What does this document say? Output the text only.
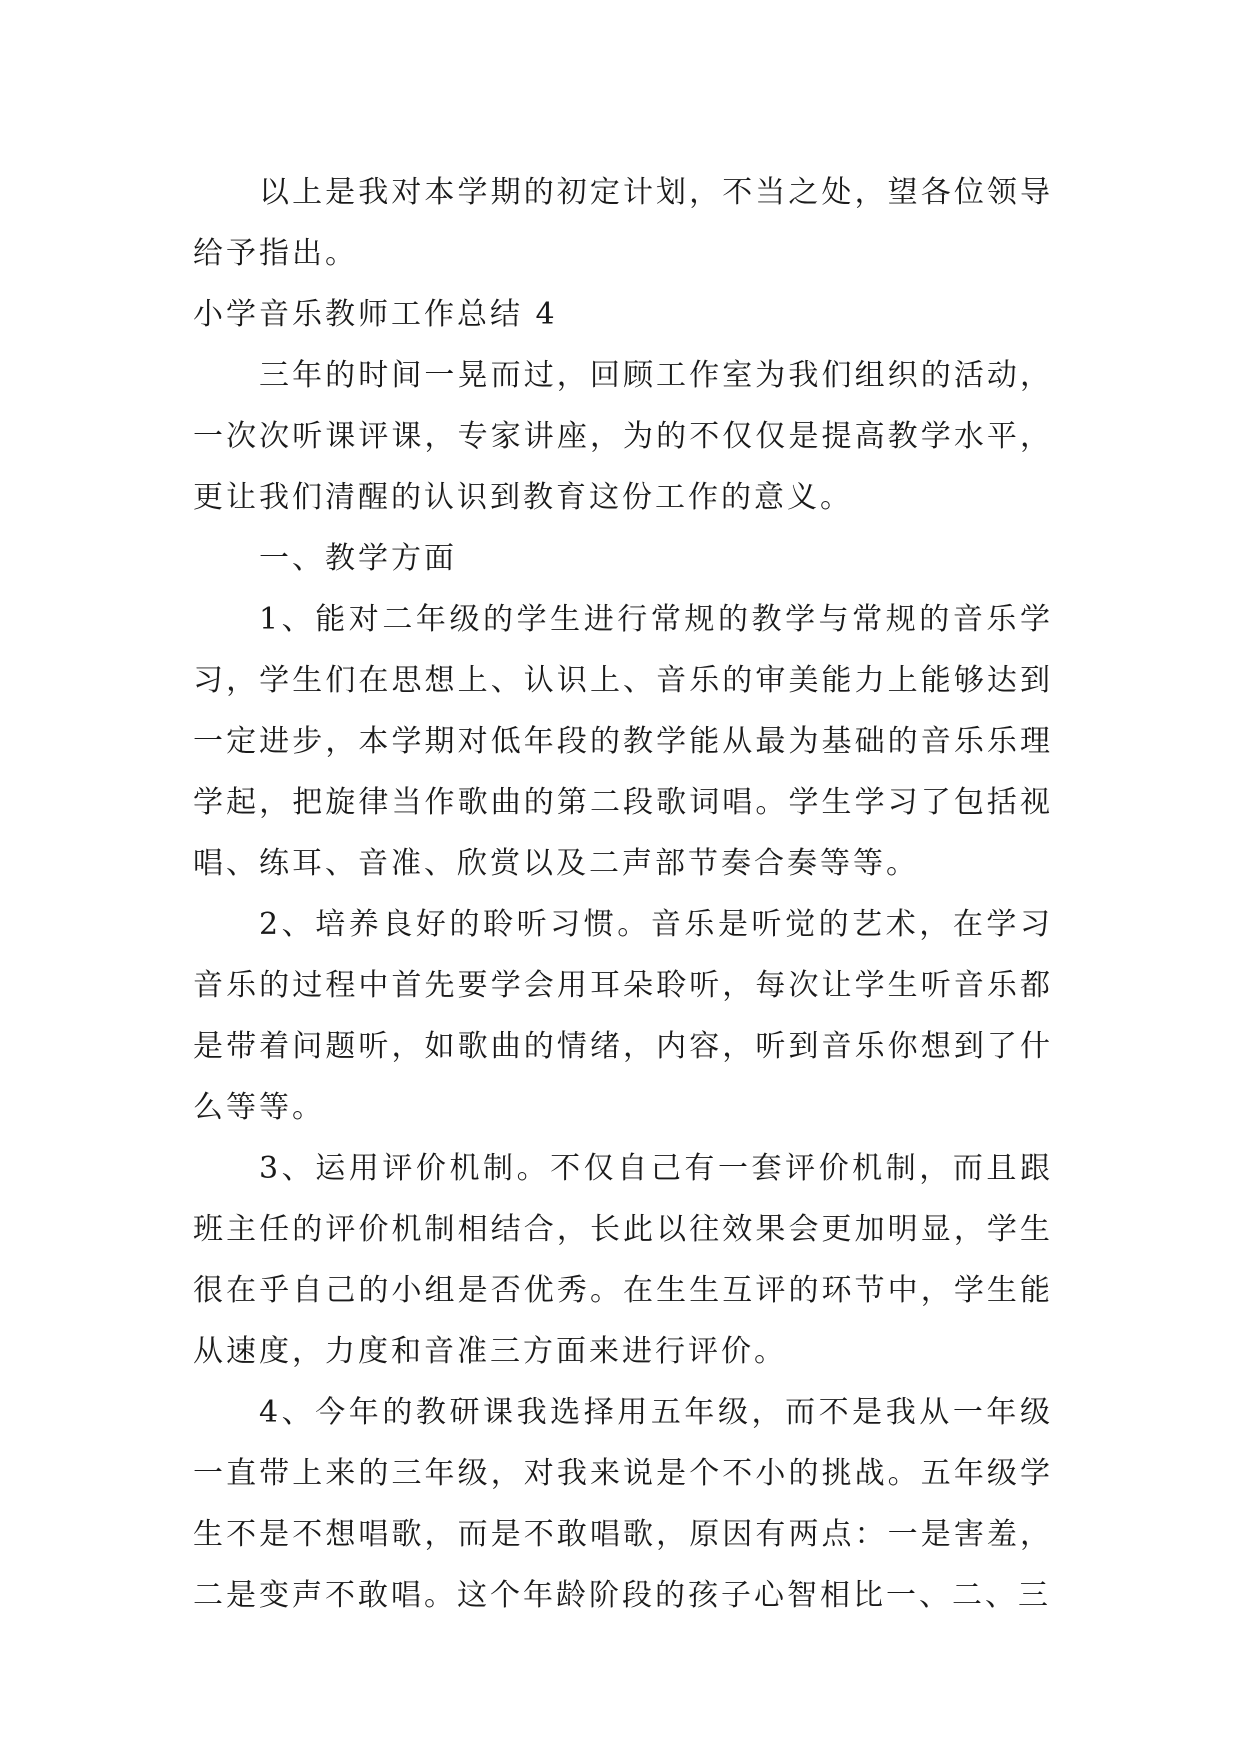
以上是我对本学期的初定计划，不当之处，望各位领导给予指出。

小学音乐教师工作总结 4

三年的时间一晃而过，回顾工作室为我们组织的活动，一次次听课评课，专家讲座，为的不仅仅是提高教学水平，更让我们清醒的认识到教育这份工作的意义。

一、教学方面

1、能对二年级的学生进行常规的教学与常规的音乐学习，学生们在思想上、认识上、音乐的审美能力上能够达到一定进步，本学期对低年段的教学能从最为基础的音乐乐理学起，把旋律当作歌曲的第二段歌词唱。学生学习了包括视唱、练耳、音准、欣赏以及二声部节奏合奏等等。

2、培养良好的聆听习惯。音乐是听觉的艺术，在学习音乐的过程中首先要学会用耳朵聆听，每次让学生听音乐都是带着问题听，如歌曲的情绪，内容，听到音乐你想到了什么等等。

3、运用评价机制。不仅自己有一套评价机制，而且跟班主任的评价机制相结合，长此以往效果会更加明显，学生很在乎自己的小组是否优秀。在生生互评的环节中，学生能从速度，力度和音准三方面来进行评价。

4、今年的教研课我选择用五年级，而不是我从一年级一直带上来的三年级，对我来说是个不小的挑战。五年级学生不是不想唱歌，而是不敢唱歌，原因有两点：一是害羞，二是变声不敢唱。这个年龄阶段的孩子心智相比一、二、三
